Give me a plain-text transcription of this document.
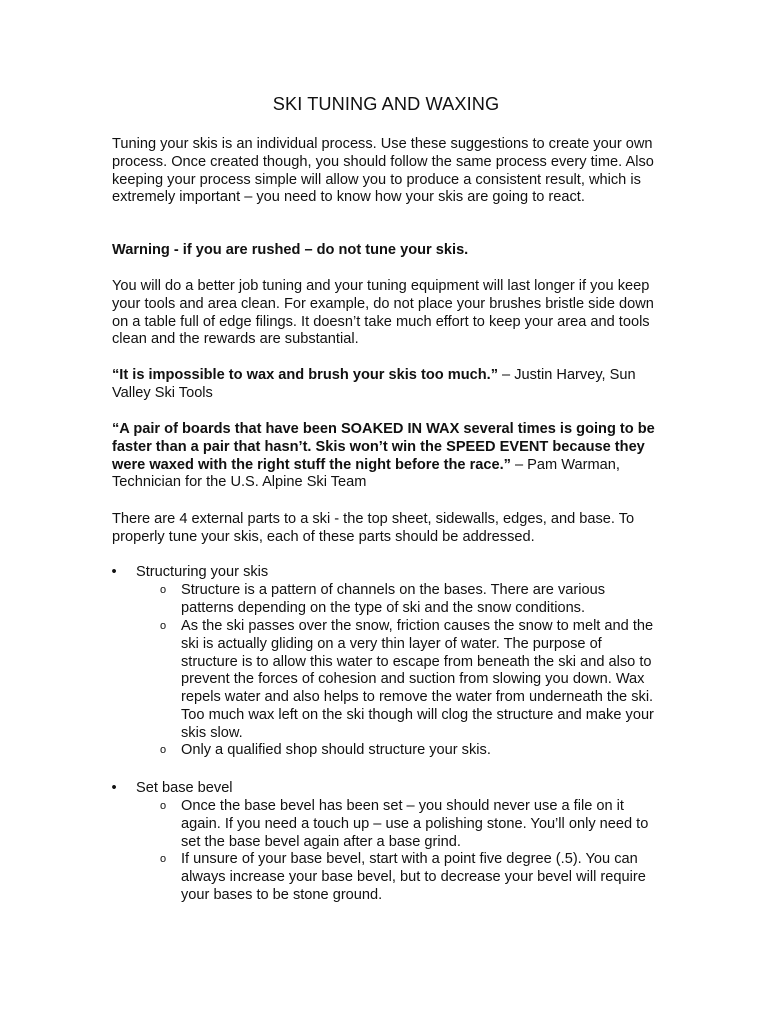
SKI TUNING AND WAXING

Tuning your skis is an individual process. Use these suggestions to create your own process. Once created though, you should follow the same process every time. Also keeping your process simple will allow you to produce a consistent result, which is extremely important – you need to know how your skis are going to react.

Warning - if you are rushed – do not tune your skis.

You will do a better job tuning and your tuning equipment will last longer if you keep your tools and area clean. For example, do not place your brushes bristle side down on a table full of edge filings. It doesn’t take much effort to keep your area and tools clean and the rewards are substantial.

“It is impossible to wax and brush your skis too much.” – Justin Harvey, Sun Valley Ski Tools

“A pair of boards that have been SOAKED IN WAX several times is going to be faster than a pair that hasn’t. Skis won’t win the SPEED EVENT because they were waxed with the right stuff the night before the race.” – Pam Warman, Technician for the U.S. Alpine Ski Team

There are 4 external parts to a ski - the top sheet, sidewalls, edges, and base. To properly tune your skis, each of these parts should be addressed.

• Structuring your skis
o Structure is a pattern of channels on the bases. There are various patterns depending on the type of ski and the snow conditions.
o As the ski passes over the snow, friction causes the snow to melt and the ski is actually gliding on a very thin layer of water. The purpose of structure is to allow this water to escape from beneath the ski and also to prevent the forces of cohesion and suction from slowing you down. Wax repels water and also helps to remove the water from underneath the ski. Too much wax left on the ski though will clog the structure and make your skis slow.
o Only a qualified shop should structure your skis.
• Set base bevel
o Once the base bevel has been set – you should never use a file on it again. If you need a touch up – use a polishing stone. You’ll only need to set the base bevel again after a base grind.
o If unsure of your base bevel, start with a point five degree (.5). You can always increase your base bevel, but to decrease your bevel will require your bases to be stone ground.
